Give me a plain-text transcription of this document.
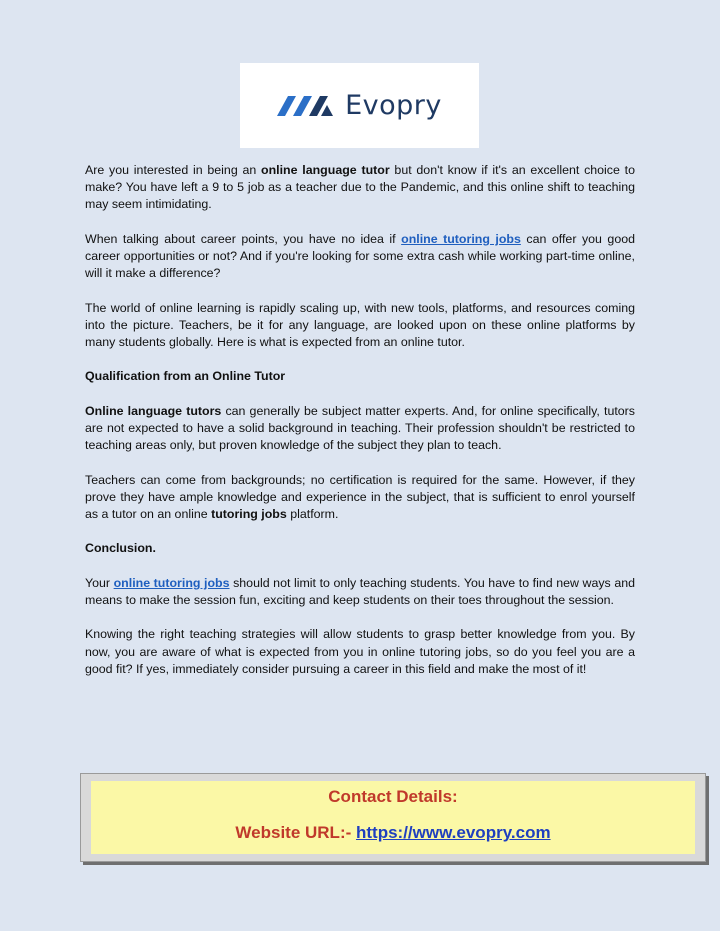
Evopry

Are you interested in being an online language tutor but don't know if it's an excellent choice to make? You have left a 9 to 5 job as a teacher due to the Pandemic, and this online shift to teaching may seem intimidating.

When talking about career points, you have no idea if online tutoring jobs can offer you good career opportunities or not? And if you're looking for some extra cash while working part-time online, will it make a difference?

The world of online learning is rapidly scaling up, with new tools, platforms, and resources coming into the picture. Teachers, be it for any language, are looked upon on these online platforms by many students globally. Here is what is expected from an online tutor.

Qualification from an Online Tutor

Online language tutors can generally be subject matter experts. And, for online specifically, tutors are not expected to have a solid background in teaching. Their profession shouldn't be restricted to teaching areas only, but proven knowledge of the subject they plan to teach.

Teachers can come from backgrounds; no certification is required for the same. However, if they prove they have ample knowledge and experience in the subject, that is sufficient to enrol yourself as a tutor on an online tutoring jobs platform.

Conclusion.

Your online tutoring jobs should not limit to only teaching students. You have to find new ways and means to make the session fun, exciting and keep students on their toes throughout the session.

Knowing the right teaching strategies will allow students to grasp better knowledge from you. By now, you are aware of what is expected from you in online tutoring jobs, so do you feel you are a good fit? If yes, immediately consider pursuing a career in this field and make the most of it!

Contact Details:
Website URL:- https://www.evopry.com
